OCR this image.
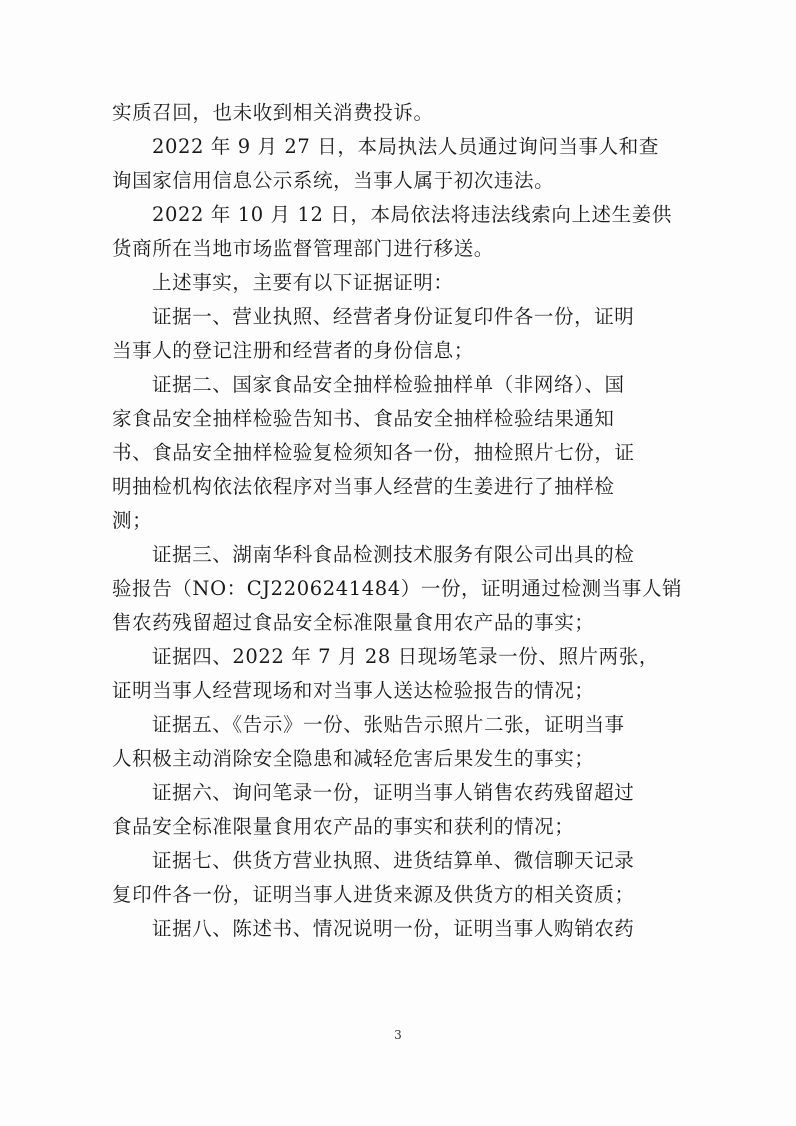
实质召回，也未收到相关消费投诉。
2022 年 9 月 27 日，本局执法人员通过询问当事人和查
询国家信用信息公示系统，当事人属于初次违法。
2022 年 10 月 12 日，本局依法将违法线索向上述生姜供
货商所在当地市场监督管理部门进行移送。
上述事实，主要有以下证据证明：
证据一、营业执照、经营者身份证复印件各一份，证明
当事人的登记注册和经营者的身份信息；
证据二、国家食品安全抽样检验抽样单（非网络）、国
家食品安全抽样检验告知书、食品安全抽样检验结果通知
书、食品安全抽样检验复检须知各一份，抽检照片七份，证
明抽检机构依法依程序对当事人经营的生姜进行了抽样检
测；
证据三、湖南华科食品检测技术服务有限公司出具的检
验报告（NO：CJ2206241484）一份，证明通过检测当事人销
售农药残留超过食品安全标准限量食用农产品的事实；
证据四、2022 年 7 月 28 日现场笔录一份、照片两张，
证明当事人经营现场和对当事人送达检验报告的情况；
证据五、《告示》一份、张贴告示照片二张，证明当事
人积极主动消除安全隐患和减轻危害后果发生的事实；
证据六、询问笔录一份，证明当事人销售农药残留超过
食品安全标准限量食用农产品的事实和获利的情况；
证据七、供货方营业执照、进货结算单、微信聊天记录
复印件各一份，证明当事人进货来源及供货方的相关资质；
证据八、陈述书、情况说明一份，证明当事人购销农药
3
